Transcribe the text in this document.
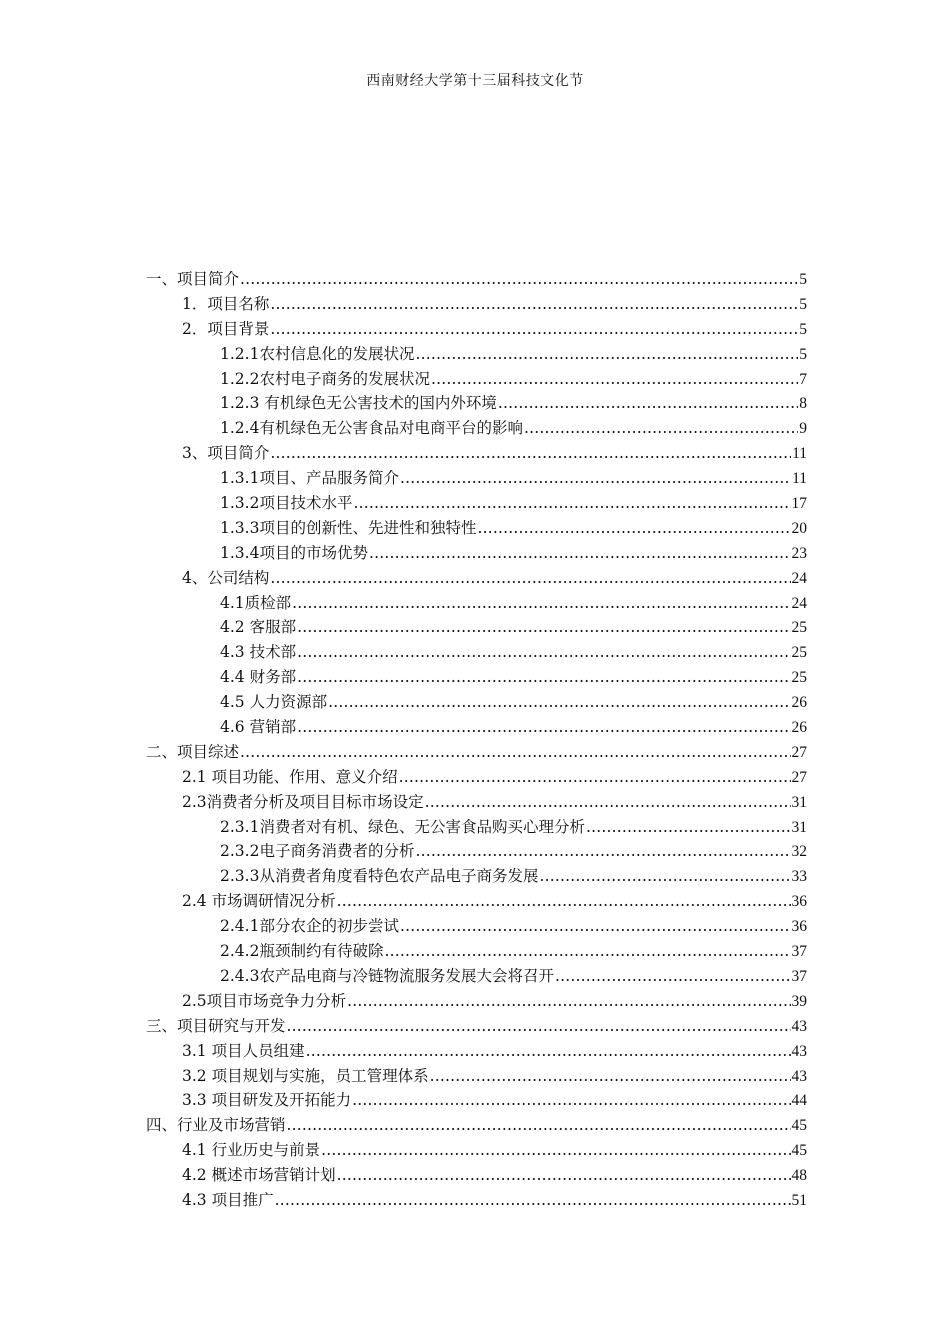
西南财经大学第十三届科技文化节
一、项目简介 .....	5
1．项目名称 .....	5
2．项目背景 .....	5
1.2.1农村信息化的发展状况 .....	5
1.2.2农村电子商务的发展状况 .....	7
1.2.3 有机绿色无公害技术的国内外环境 .....	8
1.2.4有机绿色无公害食品对电商平台的影响 .....	9
3、项目简介 .....	11
1.3.1项目、产品服务简介 .....	11
1.3.2项目技术水平 .....	17
1.3.3项目的创新性、先进性和独特性 .....	20
1.3.4项目的市场优势 .....	23
4、公司结构 .....	24
4.1质检部 .....	24
4.2 客服部 .....	25
4.3 技术部 .....	25
4.4 财务部 .....	25
4.5 人力资源部 .....	26
4.6 营销部 .....	26
二、项目综述 .....	27
2.1 项目功能、作用、意义介绍 .....	27
2.3消费者分析及项目目标市场设定 .....	31
2.3.1消费者对有机、绿色、无公害食品购买心理分析 .....	31
2.3.2电子商务消费者的分析 .....	32
2.3.3从消费者角度看特色农产品电子商务发展 .....	33
2.4 市场调研情况分析 .....	36
2.4.1部分农企的初步尝试 .....	36
2.4.2瓶颈制约有待破除 .....	37
2.4.3农产品电商与冷链物流服务发展大会将召开 .....	37
2.5项目市场竞争力分析 .....	39
三、项目研究与开发 .....	43
3.1 项目人员组建 .....	43
3.2 项目规划与实施，员工管理体系 .....	43
3.3 项目研发及开拓能力 .....	44
四、行业及市场营销 .....	45
4.1 行业历史与前景 .....	45
4.2 概述市场营销计划 .....	48
4.3 项目推广 .....	51
